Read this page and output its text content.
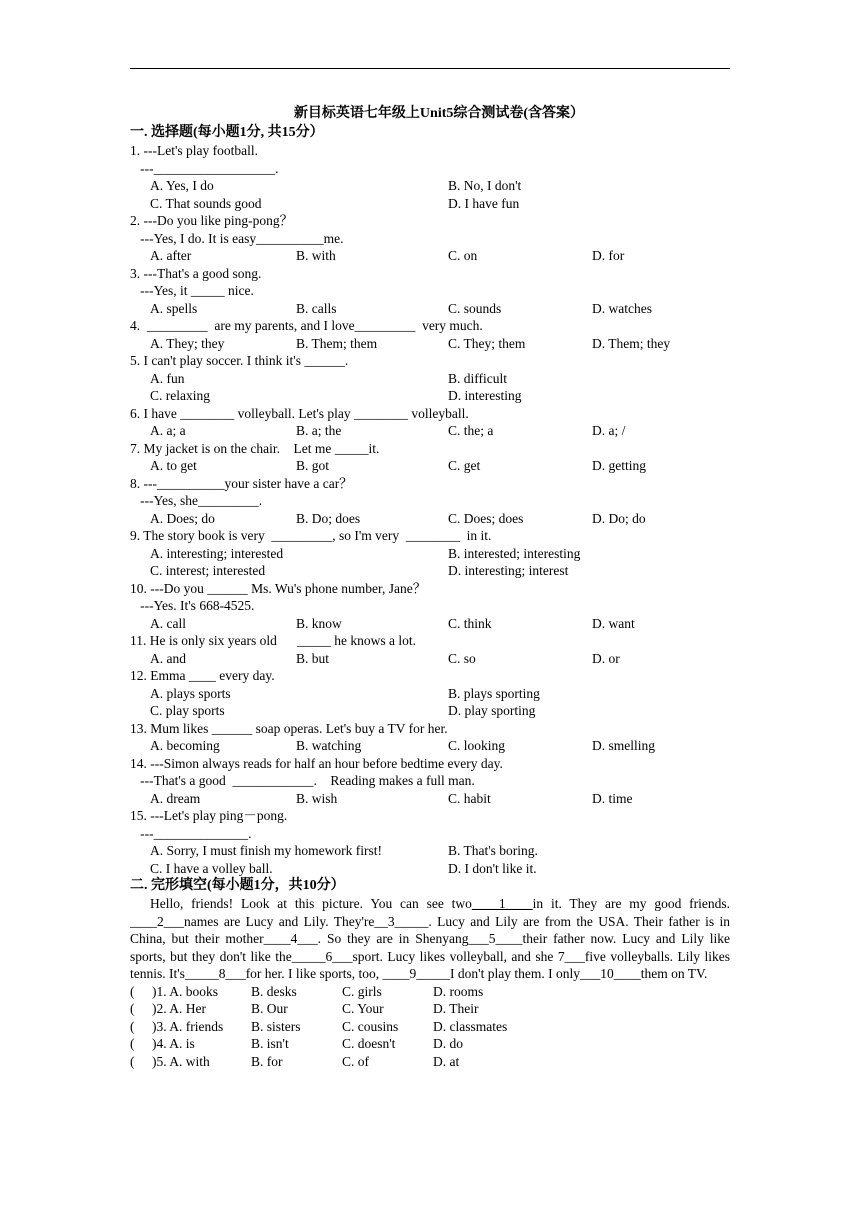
新目标英语七年级上Unit5综合测试卷(含答案）
一. 选择题(每小题1分, 共15分）
1. ---Let's play football.
---__________________.
A. Yes, I do	B. No, I don't
C. That sounds good	D. I have fun
2. ---Do you like ping-pong？
---Yes, I do. It is easy__________me.
A. after	B. with	C. on	D. for
3. ---That's a good song.
---Yes, it _____ nice.
A. spells	B. calls	C. sounds	D. watches
4.  _________  are my parents, and I love_________  very much.
A. They; they	B. Them; them	C. They; them	D. Them; they
5. I can't play soccer. I think it's ______.
A. fun	B. difficult
C. relaxing	D. interesting
6. I have ________ volleyball. Let's play ________ volleyball.
A. a; a	B. a; the	C. the; a	D. a; /
7. My jacket is on the chair.    Let me _____it.
A. to get	B. got	C. get	D. getting
8. ---__________your sister have a car？
---Yes, she_________.
A. Does; do	B. Do; does	C. Does; does	D. Do; do
9. The story book is very  _________, so I'm very  ________  in it.
A. interesting; interested	B. interested; interesting
C. interest; interested	D. interesting; interest
10. ---Do you ______ Ms. Wu's phone number, Jane？
---Yes. It's 668-4525.
A. call	B. know	C. think	D. want
11. He is only six years old      _____ he knows a lot.
A. and	B. but	C. so	D. or
12. Emma ____ every day.
A. plays sports	B. plays sporting
C. play sports	D. play sporting
13. Mum likes ______ soap operas. Let's buy a TV for her.
A. becoming	B. watching	C. looking	D. smelling
14. ---Simon always reads for half an hour before bedtime every day.
---That's a good  ____________.    Reading makes a full man.
A. dream	B. wish	C. habit	D. time
15. ---Let's play ping－pong.
---______________.
A. Sorry, I must finish my homework first!	B. That's boring.
C. I have a volley ball.	D. I don't like it.
二. 完形填空(每小题1分，共10分）
Hello, friends! Look at this picture. You can see two____1____in it. They are my good friends. ____2___names are Lucy and Lily. They're__3_____. Lucy and Lily are from the USA. Their father is in China, but their mother____4___. So they are in Shenyang___5____their father now. Lucy and Lily like sports, but they don't like the_____6___sport. Lucy likes volleyball, and she 7___five volleyballs. Lily likes tennis. It's_____8___for her. I like sports, too, ____9_____I don't play them. I only___10____them on TV.
( )1. A. books B. desks	C. girls	D. rooms
( )2. A. Her	B. Our	C. Your	D. Their
( )3. A. friends B. sisters	C. cousins	D. classmates
( )4. A. is	B. isn't	C. doesn't	D. do
( )5. A. with	B. for	C. of	D. at
